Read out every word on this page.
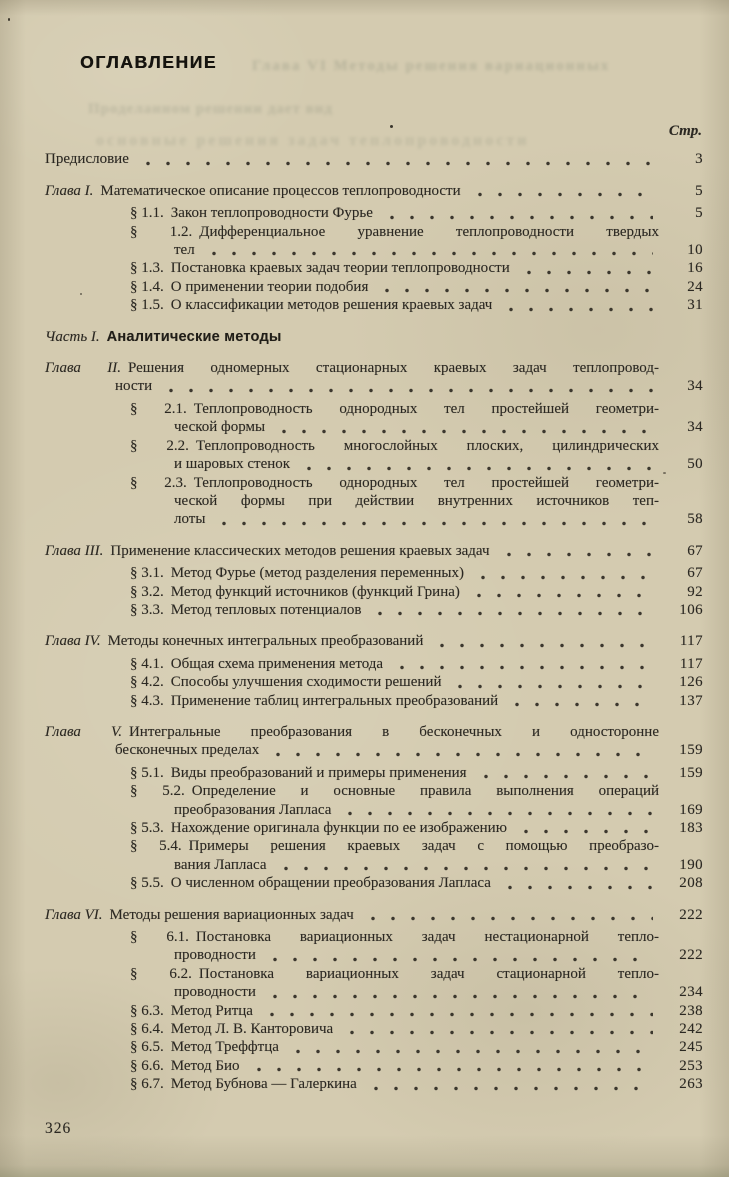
Глава VI Методы решения вариационных
Проделанном решении дает вид
основные решения задач теплопроводности
ОГЛАВЛЕНИЕ
Стр.
Предисловие	3
Глава I. Математическое описание процессов теплопроводности	5
§ 1.1. Закон теплопроводности Фурье	5
§ 1.2. Дифференциальное уравнение теплопроводности твердых
тел	10
§ 1.3. Постановка краевых задач теории теплопроводности	16
§ 1.4. О применении теории подобия	24
§ 1.5. О классификации методов решения краевых задач	31
Часть I. Аналитические методы
Глава II. Решения одномерных стационарных краевых задач теплопровод-
ности	34
§ 2.1. Теплопроводность однородных тел простейшей геометри-
ческой формы	34
§ 2.2. Теплопроводность многослойных плоских, цилиндрических
и шаровых стенок	50
§ 2.3. Теплопроводность однородных тел простейшей геометри-
ческой формы при действии внутренних источников теп-
лоты	58
Глава III. Применение классических методов решения краевых задач	67
§ 3.1. Метод Фурье (метод разделения переменных)	67
§ 3.2. Метод функций источников (функций Грина)	92
§ 3.3. Метод тепловых потенциалов	106
Глава IV. Методы конечных интегральных преобразований	117
§ 4.1. Общая схема применения метода	117
§ 4.2. Способы улучшения сходимости решений	126
§ 4.3. Применение таблиц интегральных преобразований	137
Глава V. Интегральные преобразования в бесконечных и односторонне
бесконечных пределах	159
§ 5.1. Виды преобразований и примеры применения	159
§ 5.2. Определение и основные правила выполнения операций
преобразования Лапласа	169
§ 5.3. Нахождение оригинала функции по ее изображению	183
§ 5.4. Примеры решения краевых задач с помощью преобразо-
вания Лапласа	190
§ 5.5. О численном обращении преобразования Лапласа	208
Глава VI. Методы решения вариационных задач	222
§ 6.1. Постановка вариационных задач нестационарной тепло-
проводности	222
§ 6.2. Постановка вариационных задач стационарной тепло-
проводности	234
§ 6.3. Метод Ритца	238
§ 6.4. Метод Л. В. Канторовича	242
§ 6.5. Метод Треффтца	245
§ 6.6. Метод Био	253
§ 6.7. Метод Бубнова — Галеркина	263
326
